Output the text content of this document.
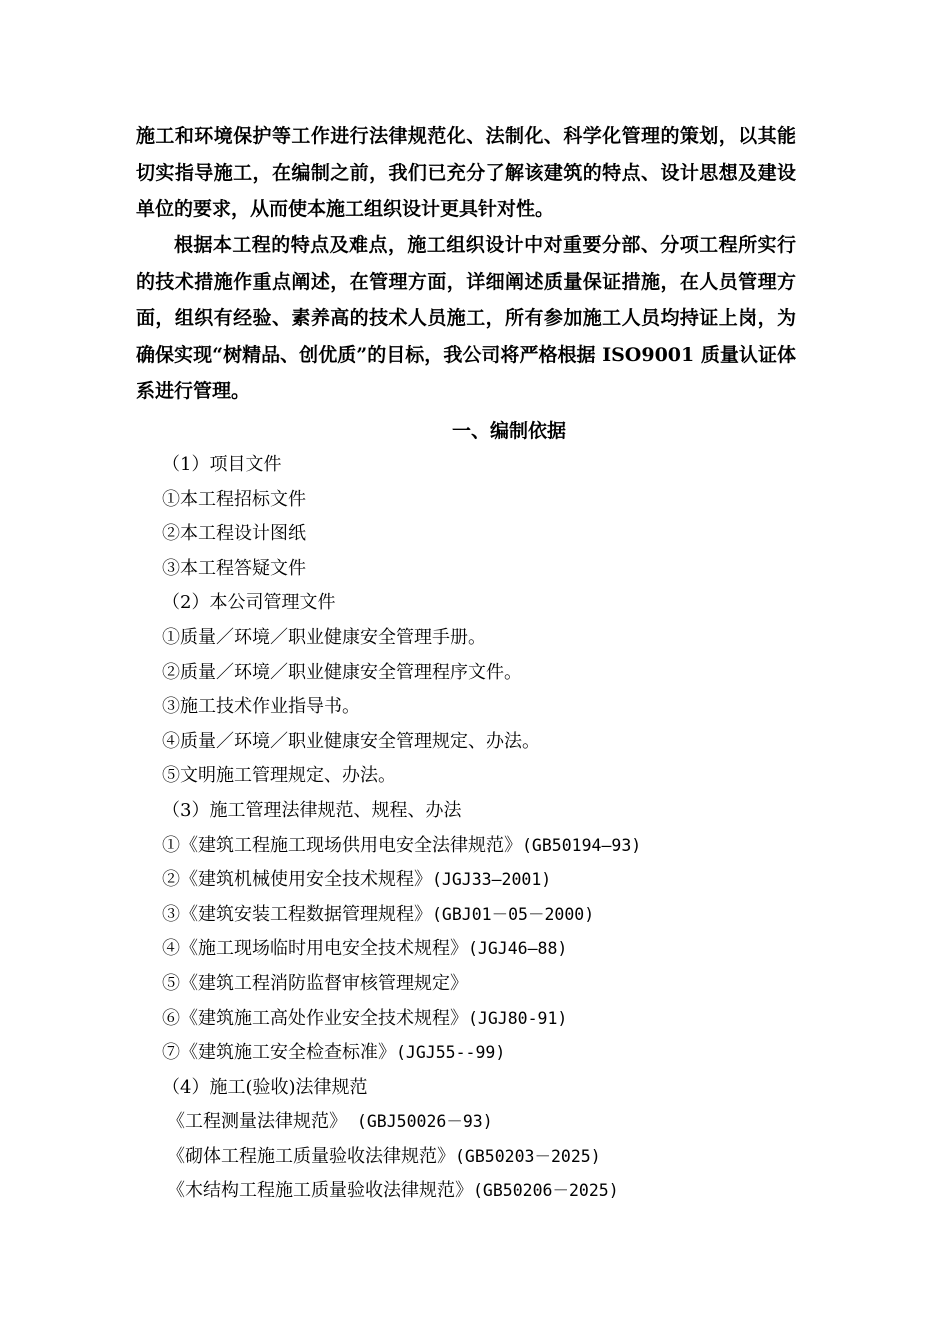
施工和环境保护等工作进行法律规范化、法制化、科学化管理的策划，以其能切实指导施工，在编制之前，我们已充分了解该建筑的特点、设计思想及建设单位的要求，从而使本施工组织设计更具针对性。

根据本工程的特点及难点，施工组织设计中对重要分部、分项工程所实行的技术措施作重点阐述，在管理方面，详细阐述质量保证措施，在人员管理方面，组织有经验、素养高的技术人员施工，所有参加施工人员均持证上岗，为确保实现“树精品、创优质”的目标，我公司将严格根据 ISO9001 质量认证体系进行管理。

一、编制依据
（1）项目文件
①本工程招标文件
②本工程设计图纸
③本工程答疑文件
（2）本公司管理文件
①质量／环境／职业健康安全管理手册。
②质量／环境／职业健康安全管理程序文件。
③施工技术作业指导书。
④质量／环境／职业健康安全管理规定、办法。
⑤文明施工管理规定、办法。
（3）施工管理法律规范、规程、办法
①《建筑工程施工现场供用电安全法律规范》(GB50194—93)
②《建筑机械使用安全技术规程》(JGJ33—2001)
③《建筑安装工程数据管理规程》(GBJ01－05－2000)
④《施工现场临时用电安全技术规程》(JGJ46—88)
⑤《建筑工程消防监督审核管理规定》
⑥《建筑施工高处作业安全技术规程》(JGJ80-91)
⑦《建筑施工安全检查标准》(JGJ55--99)
（4）施工(验收)法律规范
《工程测量法律规范》 (GBJ50026－93)
《砌体工程施工质量验收法律规范》(GB50203－2025)
《木结构工程施工质量验收法律规范》(GB50206－2025)
